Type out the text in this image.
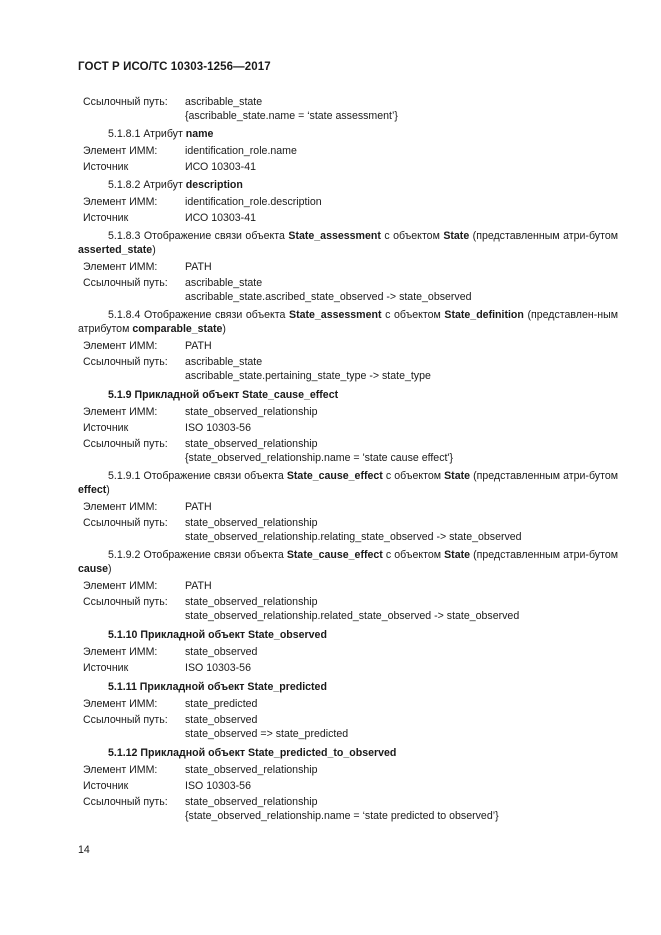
ГОСТ Р ИСО/ТС 10303-1256—2017
Ссылочный путь:	ascribable_state
{ascribable_state.name = ‘state assessment’}
5.1.8.1 Атрибут name
Элемент ИММ:	identification_role.name
Источник	ИСО 10303-41
5.1.8.2 Атрибут description
Элемент ИММ:	identification_role.description
Источник	ИСО 10303-41
5.1.8.3 Отображение связи объекта State_assessment с объектом State (представленным атри-бутом asserted_state)
Элемент ИММ:	PATH
Ссылочный путь:	ascribable_state
ascribable_state.ascribed_state_observed -> state_observed
5.1.8.4 Отображение связи объекта State_assessment с объектом State_definition (представлен-ным атрибутом comparable_state)
Элемент ИММ:	PATH
Ссылочный путь:	ascribable_state
ascribable_state.pertaining_state_type -> state_type
5.1.9 Прикладной объект State_cause_effect
Элемент ИММ:	state_observed_relationship
Источник	ISO 10303-56
Ссылочный путь:	state_observed_relationship
{state_observed_relationship.name = 'state cause effect'}
5.1.9.1 Отображение связи объекта State_cause_effect с объектом State (представленным атри-бутом effect)
Элемент ИММ:	PATH
Ссылочный путь:	state_observed_relationship
state_observed_relationship.relating_state_observed -> state_observed
5.1.9.2 Отображение связи объекта State_cause_effect с объектом State (представленным атри-бутом cause)
Элемент ИММ:	PATH
Ссылочный путь:	state_observed_relationship
state_observed_relationship.related_state_observed -> state_observed
5.1.10 Прикладной объект State_observed
Элемент ИММ:	state_observed
Источник	ISO 10303-56
5.1.11 Прикладной объект State_predicted
Элемент ИММ:	state_predicted
Ссылочный путь:	state_observed
state_observed => state_predicted
5.1.12 Прикладной объект State_predicted_to_observed
Элемент ИММ:	state_observed_relationship
Источник	ISO 10303-56
Ссылочный путь:	state_observed_relationship
{state_observed_relationship.name = ‘state predicted to observed’}
14
